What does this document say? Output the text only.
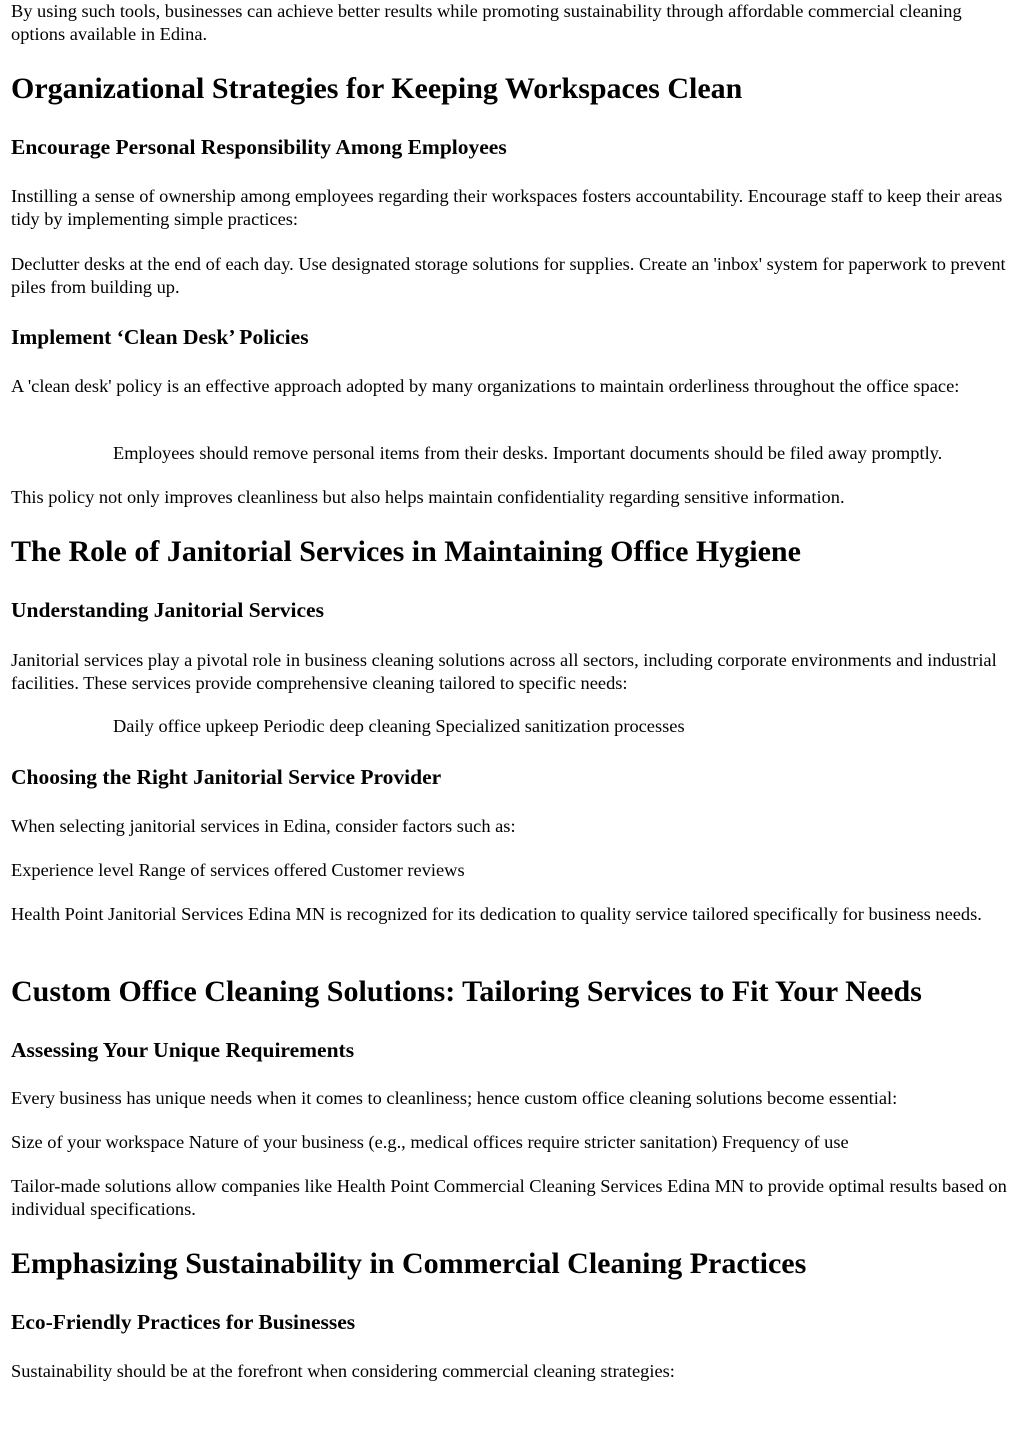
By using such tools, businesses can achieve better results while promoting sustainability through affordable commercial cleaning options available in Edina.

Organizational Strategies for Keeping Workspaces Clean
Encourage Personal Responsibility Among Employees

Instilling a sense of ownership among employees regarding their workspaces fosters accountability. Encourage staff to keep their areas tidy by implementing simple practices:

Declutter desks at the end of each day. Use designated storage solutions for supplies. Create an 'inbox' system for paperwork to prevent piles from building up.

Implement ‘Clean Desk’ Policies

A 'clean desk' policy is an effective approach adopted by many organizations to maintain orderliness throughout the office space:

Employees should remove personal items from their desks. Important documents should be filed away promptly.

This policy not only improves cleanliness but also helps maintain confidentiality regarding sensitive information.

The Role of Janitorial Services in Maintaining Office Hygiene
Understanding Janitorial Services

Janitorial services play a pivotal role in business cleaning solutions across all sectors, including corporate environments and industrial facilities. These services provide comprehensive cleaning tailored to specific needs:

Daily office upkeep Periodic deep cleaning Specialized sanitization processes
Choosing the Right Janitorial Service Provider

When selecting janitorial services in Edina, consider factors such as:

Experience level Range of services offered Customer reviews

Health Point Janitorial Services Edina MN is recognized for its dedication to quality service tailored specifically for business needs.

Custom Office Cleaning Solutions: Tailoring Services to Fit Your Needs
Assessing Your Unique Requirements

Every business has unique needs when it comes to cleanliness; hence custom office cleaning solutions become essential:

Size of your workspace Nature of your business (e.g., medical offices require stricter sanitation) Frequency of use

Tailor-made solutions allow companies like Health Point Commercial Cleaning Services Edina MN to provide optimal results based on individual specifications.

Emphasizing Sustainability in Commercial Cleaning Practices
Eco-Friendly Practices for Businesses

Sustainability should be at the forefront when considering commercial cleaning strategies:
